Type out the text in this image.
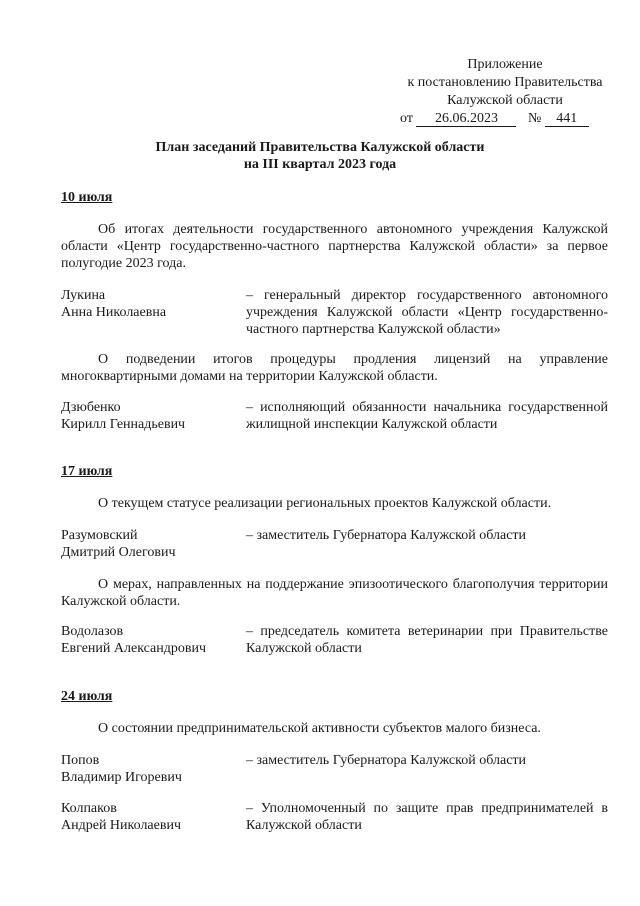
Приложение
к постановлению Правительства
Калужской области
от 26.06.2023 № 441
План заседаний Правительства Калужской области
на III квартал 2023 года
10 июля
Об итогах деятельности государственного автономного учреждения Калужской области «Центр государственно-частного партнерства Калужской области» за первое полугодие 2023 года.
Лукина
Анна Николаевна
– генеральный директор государственного автономного учреждения Калужской области «Центр государственно-частного партнерства Калужской области»
О подведении итогов процедуры продления лицензий на управление многоквартирными домами на территории Калужской области.
Дзюбенко
Кирилл Геннадьевич
– исполняющий обязанности начальника государственной жилищной инспекции Калужской области
17 июля
О текущем статусе реализации региональных проектов Калужской области.
Разумовский
Дмитрий Олегович
– заместитель Губернатора Калужской области
О мерах, направленных на поддержание эпизоотического благополучия территории Калужской области.
Водолазов
Евгений Александрович
– председатель комитета ветеринарии при Правительстве Калужской области
24 июля
О состоянии предпринимательской активности субъектов малого бизнеса.
Попов
Владимир Игоревич
– заместитель Губернатора Калужской области
Колпаков
Андрей Николаевич
– Уполномоченный по защите прав предпринимателей в Калужской области
